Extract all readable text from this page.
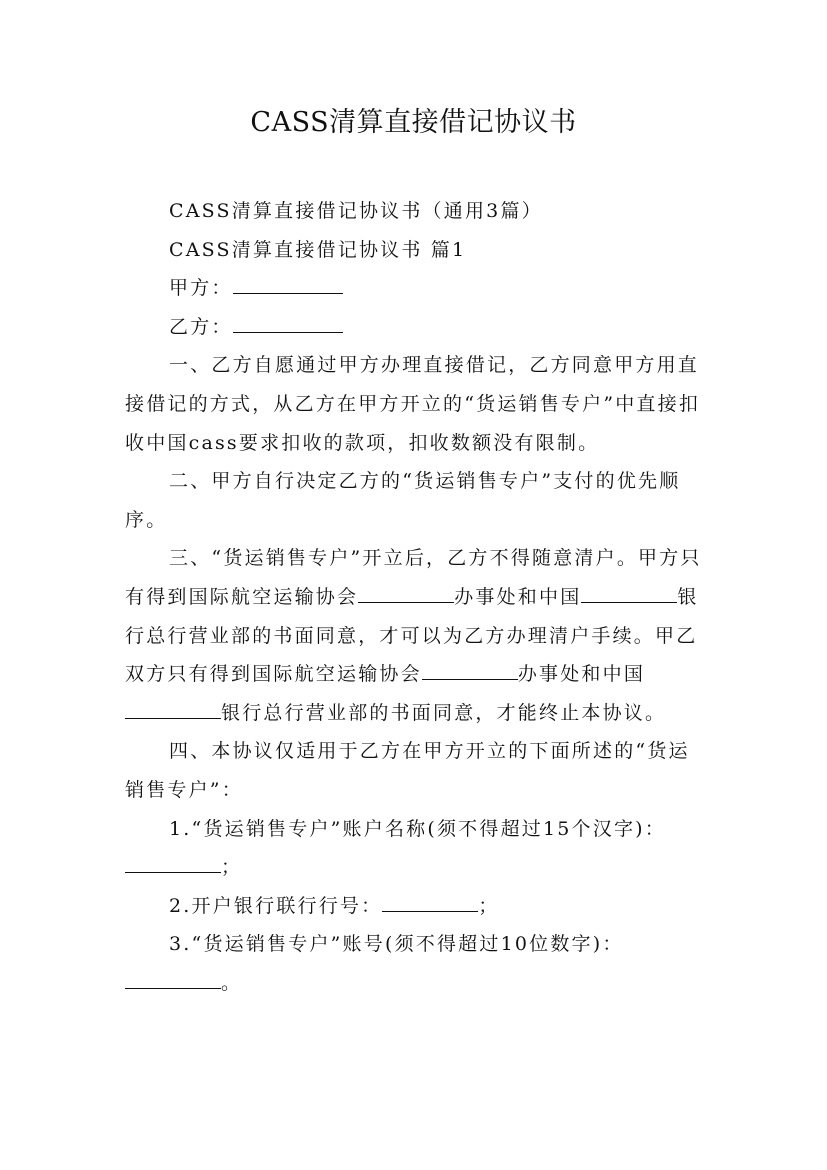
CASS清算直接借记协议书

CASS清算直接借记协议书（通用3篇）

CASS清算直接借记协议书 篇1

甲方：

乙方：

一、乙方自愿通过甲方办理直接借记，乙方同意甲方用直接借记的方式，从乙方在甲方开立的“货运销售专户”中直接扣收中国cass要求扣收的款项，扣收数额没有限制。

二、甲方自行决定乙方的“货运销售专户”支付的优先顺序。

三、“货运销售专户”开立后，乙方不得随意清户。甲方只有得到国际航空运输协会	办事处和中国	银行总行营业部的书面同意，才可以为乙方办理清户手续。甲乙双方只有得到国际航空运输协会	办事处和中国银行总行营业部的书面同意，才能终止本协议。

四、本协议仅适用于乙方在甲方开立的下面所述的“货运销售专户”：

1.“货运销售专户”账户名称(须不得超过15个汉字)：；

2.开户银行联行行号：	；

3.“货运销售专户”账号(须不得超过10位数字)：。
